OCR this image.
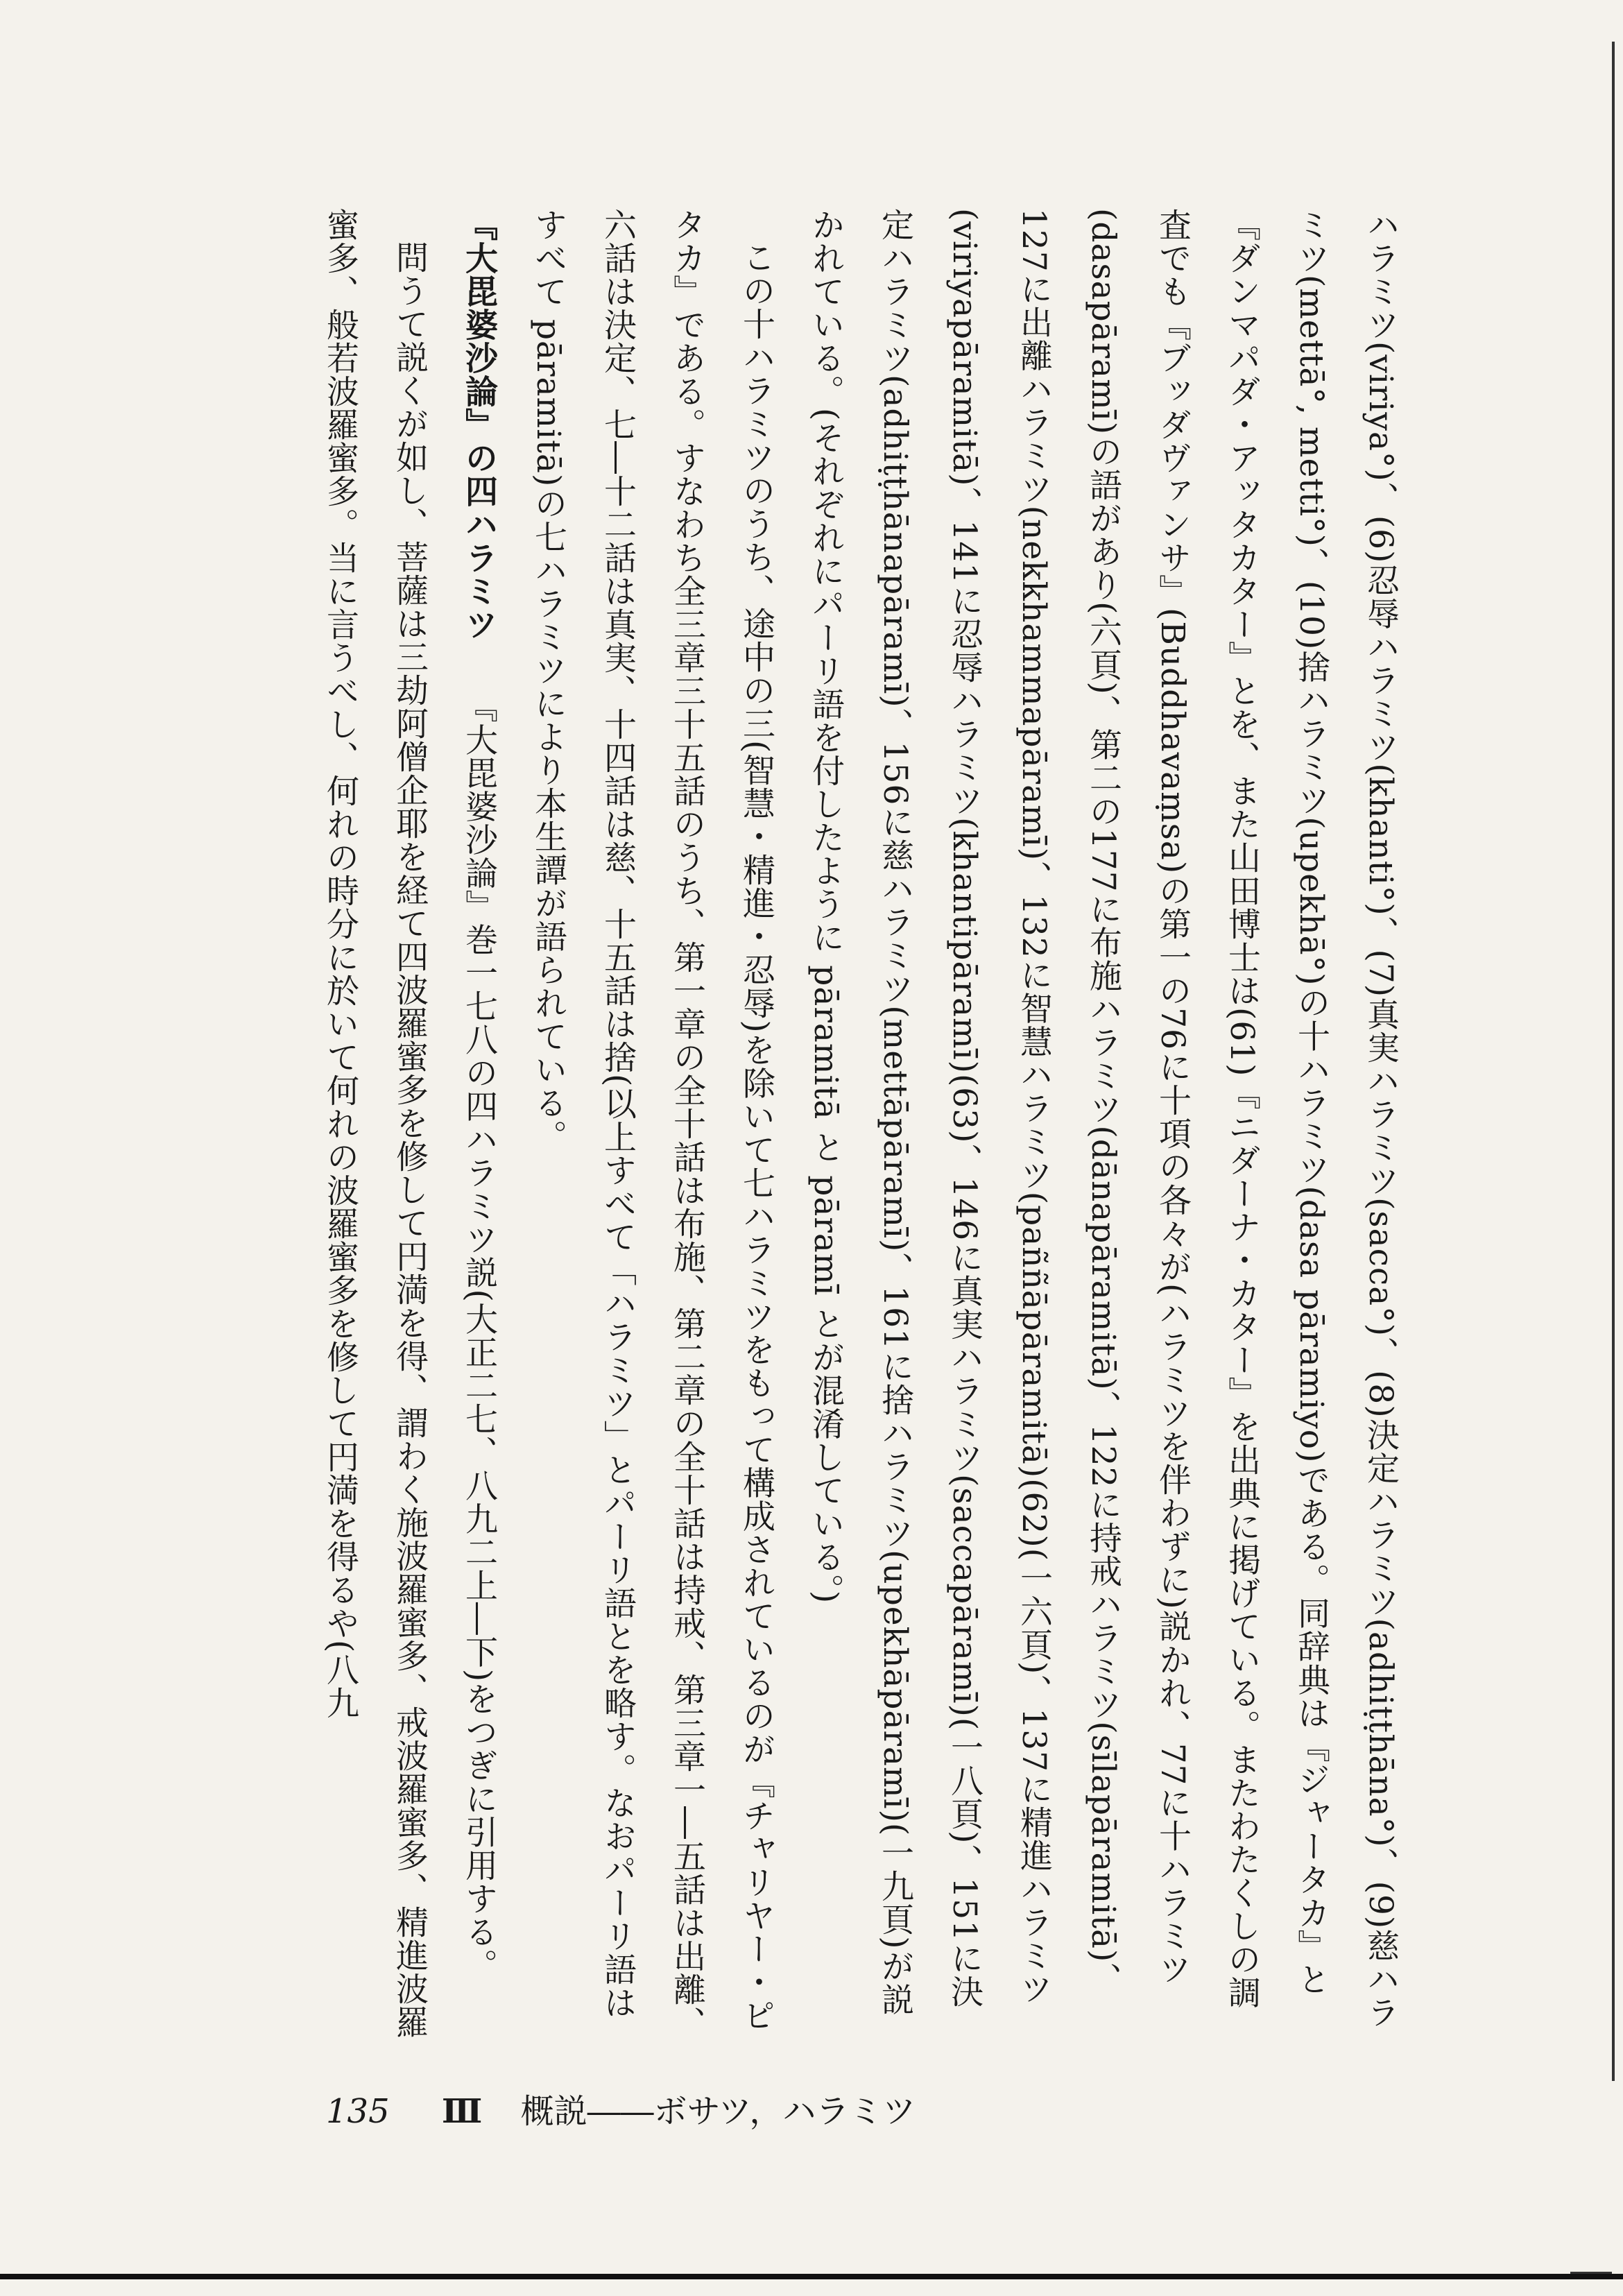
ハラミツ(viriya°)、(6)忍辱ハラミツ(khanti°)、(7)真実ハラミツ(sacca°)、(8)決定ハラミツ(adhiṭṭhāna°)、(9)慈ハラミツ(mettā°, metti°)、(10)捨ハラミツ(upekhā°)の十ハラミツ(dasa pāramiyo)である。同辞典は『ジャータカ』と『ダンマパダ・アッタカター』とを、また山田博士は(61)『ニダーナ・カター』を出典に掲げている。またわたくしの調査でも『ブッダヴァンサ』(Buddhavaṃsa)の第一の76に十項の各々が(ハラミツを伴わずに)説かれ、77に十ハラミツ(dasapāramī)の語があり(六頁)、第二の177に布施ハラミツ(dānapāramitā)、122に持戒ハラミツ(sīlapāramitā)、127に出離ハラミツ(nekkhammapāramī)、132に智慧ハラミツ(paññāpāramitā)(62)(一六頁)、137に精進ハラミツ(viriyapāramitā)、141に忍辱ハラミツ(khantipāramī)(63)、146に真実ハラミツ(saccapāramī)(一八頁)、151に決定ハラミツ(adhiṭṭhānapāramī)、156に慈ハラミツ(mettāpāramī)、161に捨ハラミツ(upekhāpāramī)(一九頁)が説かれている。(それぞれにパーリ語を付したように pāramitā と pāramī とが混淆している。)

この十ハラミツのうち、途中の三(智慧・精進・忍辱)を除いて七ハラミツをもって構成されているのが『チャリヤー・ピタカ』である。すなわち全三章三十五話のうち、第一章の全十話は布施、第二章の全十話は持戒、第三章一―五話は出離、六話は決定、七―十二話は真実、十四話は慈、十五話は捨(以上すべて「ハラミツ」とパーリ語とを略す。なおパーリ語はすべて pāramitā)の七ハラミツにより本生譚が語られている。

『大毘婆沙論』の四ハラミツ『大毘婆沙論』巻一七八の四ハラミツ説(大正二七、八九二上―下)をつぎに引用する。

問うて説くが如し、菩薩は三劫阿僧企耶を経て四波羅蜜多を修して円満を得、謂わく施波羅蜜多、戒波羅蜜多、精進波羅蜜多、般若波羅蜜多。当に言うべし、何れの時分に於いて何れの波羅蜜多を修して円満を得るや(八九

135 Ⅲ 概説――ボサツ，ハラミツ
